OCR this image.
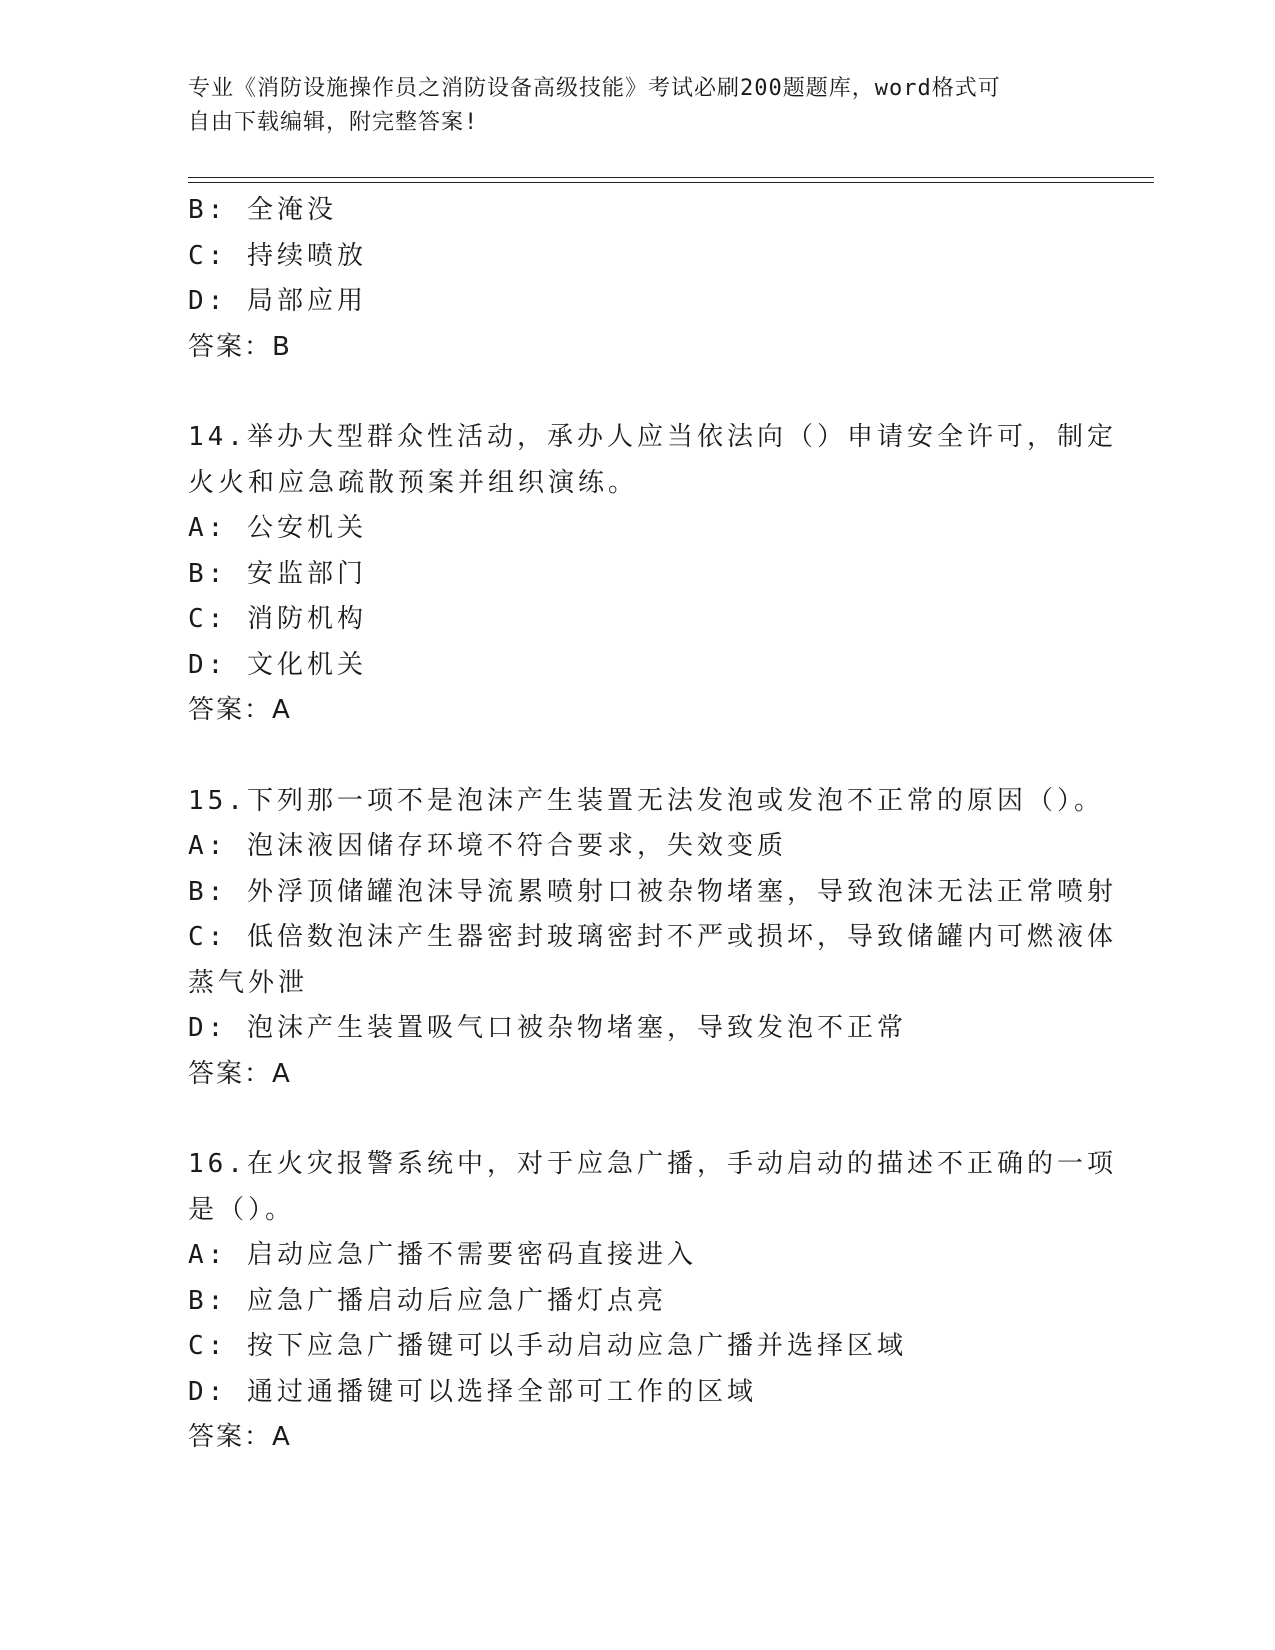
专业《消防设施操作员之消防设备高级技能》考试必刷200题题库，word格式可
自由下载编辑，附完整答案!
B: 全淹没
C: 持续喷放
D: 局部应用
答案：B
14.举办大型群众性活动，承办人应当依法向（）申请安全许可，制定
火火和应急疏散预案并组织演练。
A: 公安机关
B: 安监部门
C: 消防机构
D: 文化机关
答案：A
15.下列那一项不是泡沫产生装置无法发泡或发泡不正常的原因（）。
A: 泡沫液因储存环境不符合要求，失效变质
B: 外浮顶储罐泡沫导流累喷射口被杂物堵塞，导致泡沫无法正常喷射
C: 低倍数泡沫产生器密封玻璃密封不严或损坏，导致储罐内可燃液体
蒸气外泄
D: 泡沫产生装置吸气口被杂物堵塞，导致发泡不正常
答案：A
16.在火灾报警系统中，对于应急广播，手动启动的描述不正确的一项
是（）。
A: 启动应急广播不需要密码直接进入
B: 应急广播启动后应急广播灯点亮
C: 按下应急广播键可以手动启动应急广播并选择区域
D: 通过通播键可以选择全部可工作的区域
答案：A
